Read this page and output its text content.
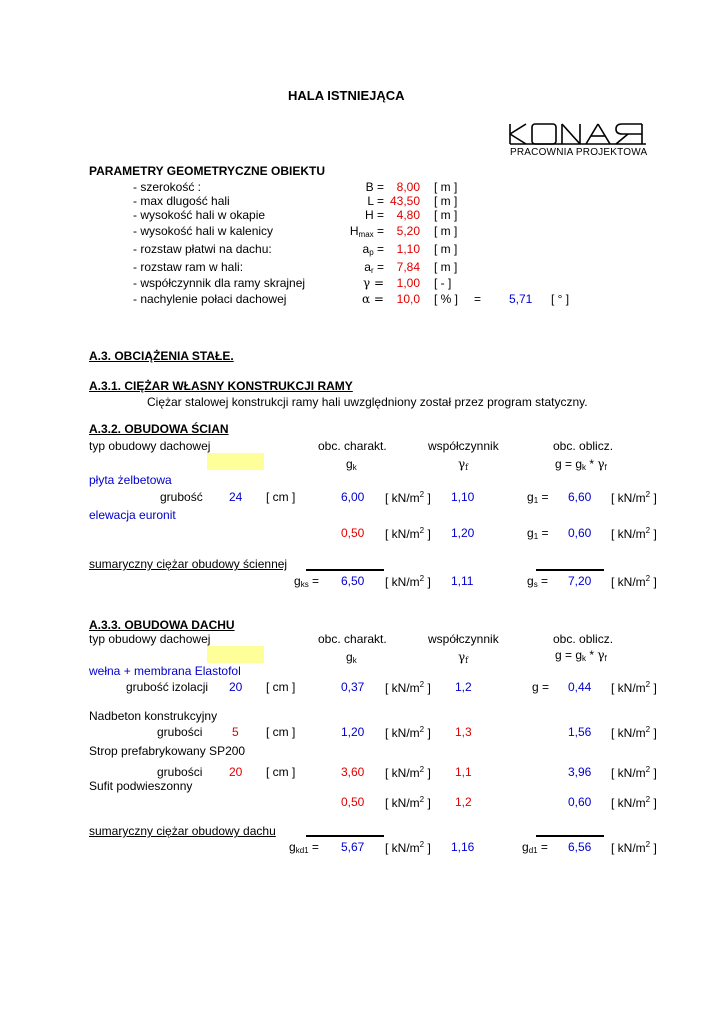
HALA ISTNIEJĄCA
PRACOWNIA PROJEKTOWA
PARAMETRY GEOMETRYCZNE OBIEKTU
- szerokość :	B =	8,00 [ m ]
- max dlugość hali	L = 43,50 [ m ]
- wysokość hali w okapie	H =	4,80 [ m ]
- wysokość hali w kalenicy	$H_{max}$ =	5,20 [ m ]
- rozstaw płatwi na dachu:	$a_p$ =	1,10 [ m ]
- rozstaw ram w hali:	$a_r$ =	7,84 [ m ]
- współczynnik dla ramy skrajnej	γ =	1,00 [ - ]
- nachylenie połaci dachowej	α =	10,0 [ % ] = 5,71 [ ° ]
A.3. OBCIĄŻENIA STAŁE.
A.3.1. CIĘŻAR WŁASNY KONSTRUKCJI RAMY
Ciężar stalowej konstrukcji ramy hali uwzględniony został przez program statyczny.
A.3.2. OBUDOWA ŚCIAN
typ obudowy dachowej	obc. charakt.	współczynnik	obc. oblicz.
$g_k$	$\gamma_f$	$g = g_k * \gamma_f$
płyta żelbetowa
grubość 24 [ cm ]	6,00 [ $kN/m^2$ ] 1,10	$g_1 = 6,60$ [ $kN/m^2$ ]
elewacja euronit
0,50 [ $kN/m^2$ ] 1,20	$g_1 = 0,60$ [ $kN/m^2$ ]
sumaryczny ciężar obudowy ściennej
$g_{ks} = 6,50$ [ $kN/m^2$ ] 1,11	$g_s = 7,20$ [ $kN/m^2$ ]
A.3.3. OBUDOWA DACHU
typ obudowy dachowej	obc. charakt.	współczynnik	obc. oblicz.
$g_k$	$\gamma_f$	$g = g_k * \gamma_f$
wełna + membrana Elastofol
grubość izolacji 20 [ cm ]	0,37 [ $kN/m^2$ ] 1,2	g = 0,44 [ $kN/m^2$ ]
Nadbeton konstrukcyjny
grubości 5 [ cm ]	1,20 [ $kN/m^2$ ] 1,3	1,56 [ $kN/m^2$ ]
Strop prefabrykowany SP200
grubości 20 [ cm ]	3,60 [ $kN/m^2$ ] 1,1	3,96 [ $kN/m^2$ ]
Sufit podwieszonny
0,50 [ $kN/m^2$ ] 1,2	0,60 [ $kN/m^2$ ]
sumaryczny ciężar obudowy dachu
$g_{kd1} = 5,67$ [ $kN/m^2$ ] 1,16	$g_{d1} = 6,56$ [ $kN/m^2$ ]
